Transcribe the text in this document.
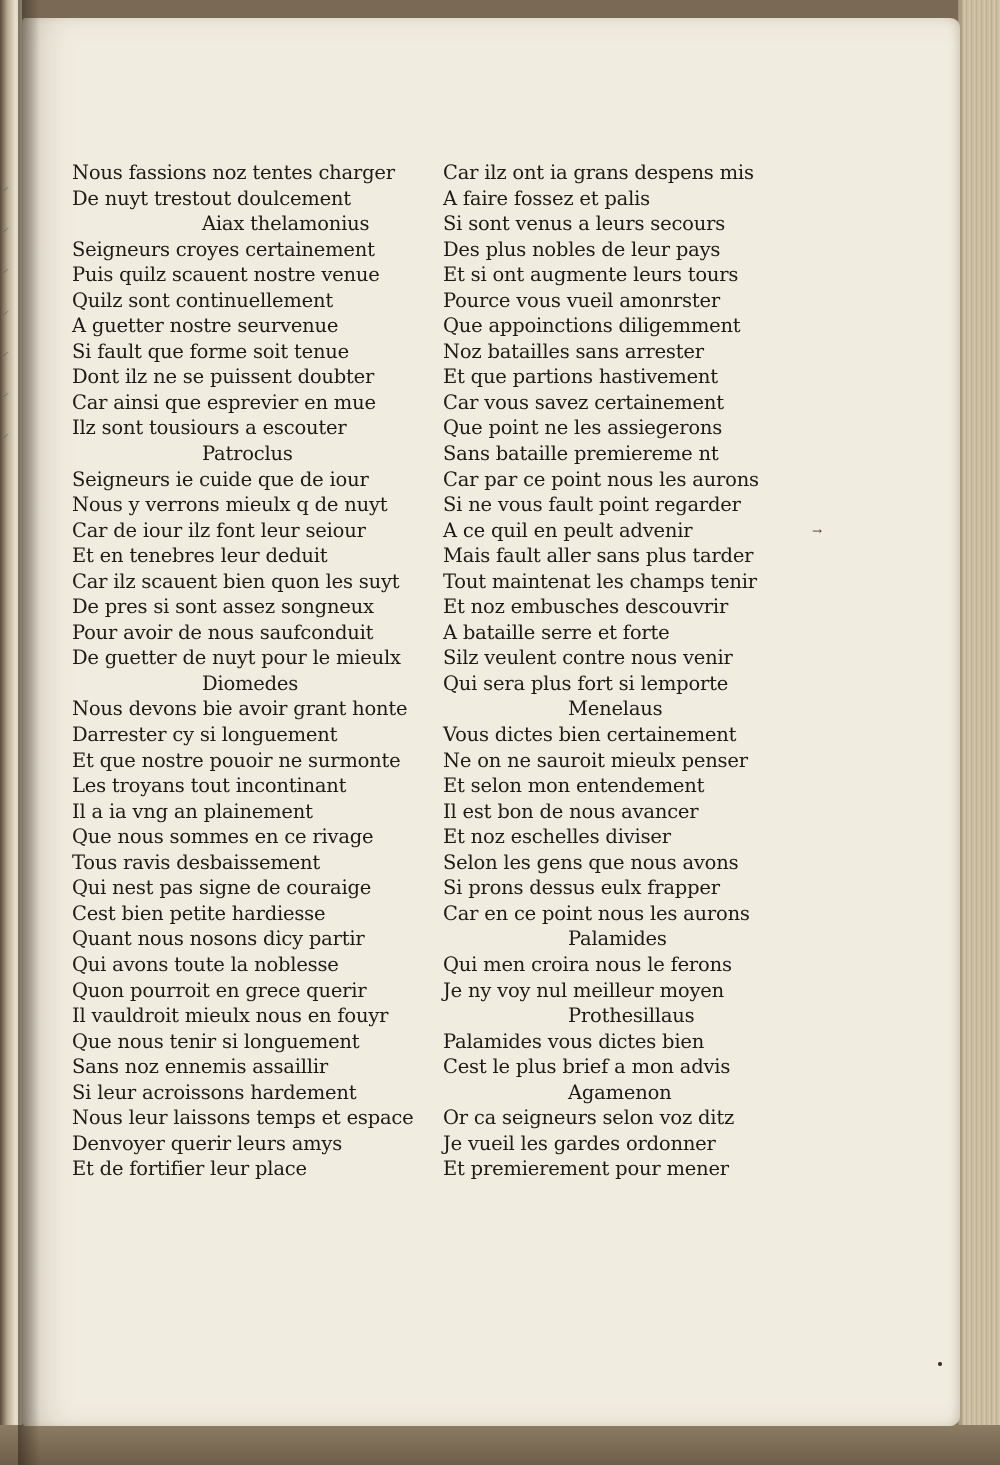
⸝
⸝
⸝
⸝
⸝
⸝
⸝
Nous fassions noz tentes charger
De nuyt trestout doulcement
Aiax thelamonius
Seigneurs croyes certainement
Puis quilz scauent nostre venue
Quilz sont continuellement
A guetter nostre seurvenue
Si fault que forme soit tenue
Dont ilz ne se puissent doubter
Car ainsi que esprevier en mue
Ilz sont tousiours a escouter
Patroclus
Seigneurs ie cuide que de iour
Nous y verrons mieulx q de nuyt
Car de iour ilz font leur seiour
Et en tenebres leur deduit
Car ilz scauent bien quon les suyt
De pres si sont assez songneux
Pour avoir de nous saufconduit
De guetter de nuyt pour le mieulx
Diomedes
Nous devons bie avoir grant honte
Darrester cy si longuement
Et que nostre pouoir ne surmonte
Les troyans tout incontinant
Il a ia vng an plainement
Que nous sommes en ce rivage
Tous ravis desbaissement
Qui nest pas signe de couraige
Cest bien petite hardiesse
Quant nous nosons dicy partir
Qui avons toute la noblesse
Quon pourroit en grece querir
Il vauldroit mieulx nous en fouyr
Que nous tenir si longuement
Sans noz ennemis assaillir
Si leur acroissons hardement
Nous leur laissons temps et espace
Denvoyer querir leurs amys
Et de fortifier leur place
Car ilz ont ia grans despens mis
A faire fossez et palis
Si sont venus a leurs secours
Des plus nobles de leur pays
Et si ont augmente leurs tours
Pource vous vueil amonrster
Que appoinctions diligemment
Noz batailles sans arrester
Et que partions hastivement
Car vous savez certainement
Que point ne les assiegerons
Sans bataille premiereme nt
Car par ce point nous les aurons
Si ne vous fault point regarder
A ce quil en peult advenir
Mais fault aller sans plus tarder
Tout maintenat les champs tenir
Et noz embusches descouvrir
A bataille serre et forte
Silz veulent contre nous venir
Qui sera plus fort si lemporte
Menelaus
Vous dictes bien certainement
Ne on ne sauroit mieulx penser
Et selon mon entendement
Il est bon de nous avancer
Et noz eschelles diviser
Selon les gens que nous avons
Si prons dessus eulx frapper
Car en ce point nous les aurons
Palamides
Qui men croira nous le ferons
Je ny voy nul meilleur moyen
Prothesillaus
Palamides vous dictes bien
Cest le plus brief a mon advis
Agamenon
Or ca seigneurs selon voz ditz
Je vueil les gardes ordonner
Et premierement pour mener
→
